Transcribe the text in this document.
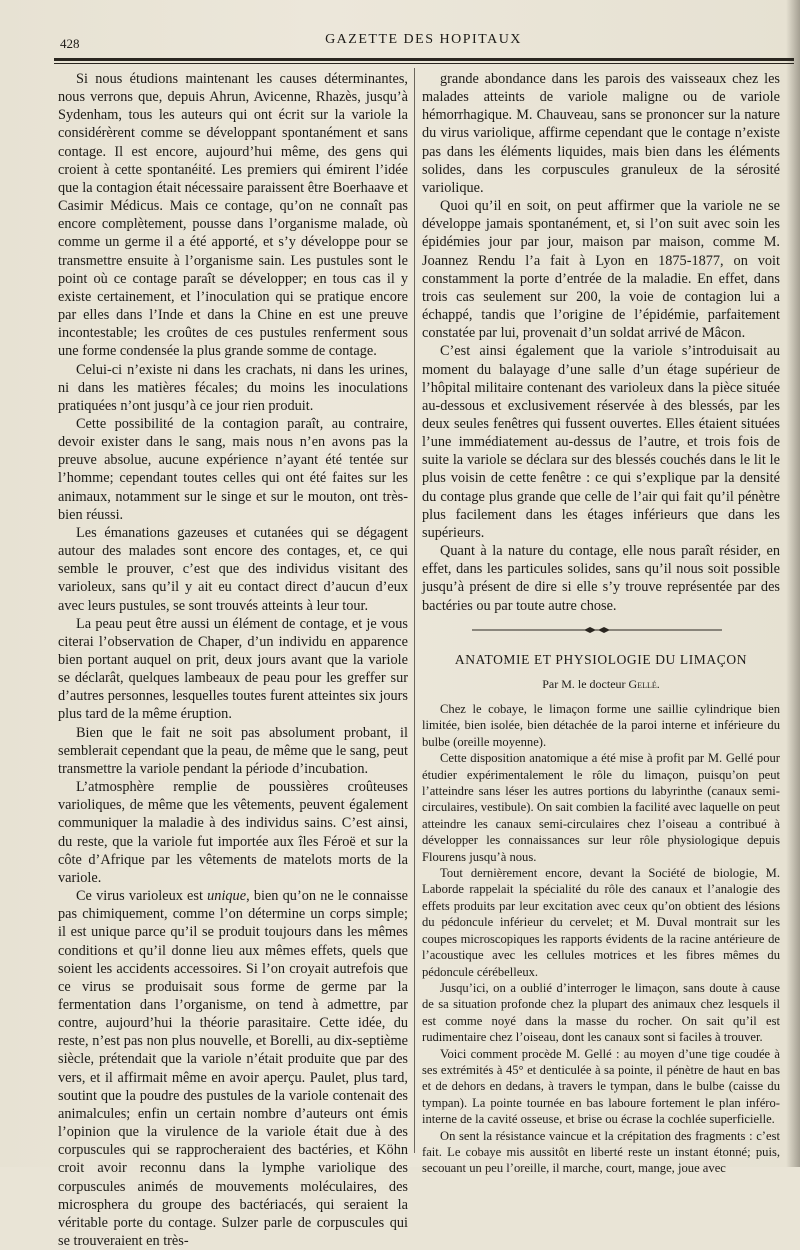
428	GAZETTE DES HOPITAUX

Si nous étudions maintenant les causes déterminantes, nous verrons que, depuis Ahrun, Avicenne, Rhazès, jusqu’à Sydenham, tous les auteurs qui ont écrit sur la variole la considérèrent comme se développant spontanément et sans contage. Il est encore, aujourd’hui même, des gens qui croient à cette spontanéité. Les premiers qui émirent l’idée que la contagion était nécessaire paraissent être Boerhaave et Casimir Médicus. Mais ce contage, qu’on ne connaît pas encore complètement, pousse dans l’organisme malade, où comme un germe il a été apporté, et s’y développe pour se transmettre ensuite à l’organisme sain. Les pustules sont le point où ce contage paraît se développer; en tous cas il y existe certainement, et l’inoculation qui se pratique encore par elles dans l’Inde et dans la Chine en est une preuve incontestable; les croûtes de ces pustules renferment sous une forme condensée la plus grande somme de contage.

Celui-ci n’existe ni dans les crachats, ni dans les urines, ni dans les matières fécales; du moins les inoculations pratiquées n’ont jusqu’à ce jour rien produit.

Cette possibilité de la contagion paraît, au contraire, devoir exister dans le sang, mais nous n’en avons pas la preuve absolue, aucune expérience n’ayant été tentée sur l’homme; cependant toutes celles qui ont été faites sur les animaux, notamment sur le singe et sur le mouton, ont très-bien réussi.

Les émanations gazeuses et cutanées qui se dégagent autour des malades sont encore des contages, et, ce qui semble le prouver, c’est que des individus visitant des varioleux, sans qu’il y ait eu contact direct d’aucun d’eux avec leurs pustules, se sont trouvés atteints à leur tour.

La peau peut être aussi un élément de contage, et je vous citerai l’observation de Chaper, d’un individu en apparence bien portant auquel on prit, deux jours avant que la variole se déclarât, quelques lambeaux de peau pour les greffer sur d’autres personnes, lesquelles toutes furent atteintes six jours plus tard de la même éruption.

Bien que le fait ne soit pas absolument probant, il semblerait cependant que la peau, de même que le sang, peut transmettre la variole pendant la période d’incubation.

L’atmosphère remplie de poussières croûteuses varioliques, de même que les vêtements, peuvent également communiquer la maladie à des individus sains. C’est ainsi, du reste, que la variole fut importée aux îles Féroë et sur la côte d’Afrique par les vêtements de matelots morts de la variole.

Ce virus varioleux est unique, bien qu’on ne le connaisse pas chimiquement, comme l’on détermine un corps simple; il est unique parce qu’il se produit toujours dans les mêmes conditions et qu’il donne lieu aux mêmes effets, quels que soient les accidents accessoires. Si l’on croyait autrefois que ce virus se produisait sous forme de germe par la fermentation dans l’organisme, on tend à admettre, par contre, aujourd’hui la théorie parasitaire. Cette idée, du reste, n’est pas non plus nouvelle, et Borelli, au dix-septième siècle, prétendait que la variole n’était produite que par des vers, et il affirmait même en avoir aperçu. Paulet, plus tard, soutint que la poudre des pustules de la variole contenait des animalcules; enfin un certain nombre d’auteurs ont émis l’opinion que la virulence de la variole était due à des corpuscules qui se rapprocheraient des bactéries, et Köhn croit avoir reconnu dans la lymphe variolique des corpuscules animés de mouvements moléculaires, des microsphera du groupe des bactériacés, qui seraient la véritable porte du contage. Sulzer parle de corpuscules qui se trouveraient en très-

grande abondance dans les parois des vaisseaux chez les malades atteints de variole maligne ou de variole hémorrhagique. M. Chauveau, sans se prononcer sur la nature du virus variolique, affirme cependant que le contage n’existe pas dans les éléments liquides, mais bien dans les éléments solides, dans les corpuscules granuleux de la sérosité variolique.

Quoi qu’il en soit, on peut affirmer que la variole ne se développe jamais spontanément, et, si l’on suit avec soin les épidémies jour par jour, maison par maison, comme M. Joannez Rendu l’a fait à Lyon en 1875-1877, on voit constamment la porte d’entrée de la maladie. En effet, dans trois cas seulement sur 200, la voie de contagion lui a échappé, tandis que l’origine de l’épidémie, parfaitement constatée par lui, provenait d’un soldat arrivé de Mâcon.

C’est ainsi également que la variole s’introduisait au moment du balayage d’une salle d’un étage supérieur de l’hôpital militaire contenant des varioleux dans la pièce située au-dessous et exclusivement réservée à des blessés, par les deux seules fenêtres qui fussent ouvertes. Elles étaient situées l’une immédiatement au-dessus de l’autre, et trois fois de suite la variole se déclara sur des blessés couchés dans le lit le plus voisin de cette fenêtre : ce qui s’explique par la densité du contage plus grande que celle de l’air qui fait qu’il pénètre plus facilement dans les étages inférieurs que dans les supérieurs.

Quant à la nature du contage, elle nous paraît résider, en effet, dans les particules solides, sans qu’il nous soit possible jusqu’à présent de dire si elle s’y trouve représentée par des bactéries ou par toute autre chose.

ANATOMIE ET PHYSIOLOGIE DU LIMAÇON
Par M. le docteur Gellé.

Chez le cobaye, le limaçon forme une saillie cylindrique bien limitée, bien isolée, bien détachée de la paroi interne et inférieure du bulbe (oreille moyenne).

Cette disposition anatomique a été mise à profit par M. Gellé pour étudier expérimentalement le rôle du limaçon, puisqu’on peut l’atteindre sans léser les autres portions du labyrinthe (canaux semi-circulaires, vestibule). On sait combien la facilité avec laquelle on peut atteindre les canaux semi-circulaires chez l’oiseau a contribué à développer les connaissances sur leur rôle physiologique depuis Flourens jusqu’à nous.

Tout dernièrement encore, devant la Société de biologie, M. Laborde rappelait la spécialité du rôle des canaux et l’analogie des effets produits par leur excitation avec ceux qu’on obtient des lésions du pédoncule inférieur du cervelet; et M. Duval montrait sur les coupes microscopiques les rapports évidents de la racine antérieure de l’acoustique avec les cellules motrices et les fibres mêmes du pédoncule cérébelleux.

Jusqu’ici, on a oublié d’interroger le limaçon, sans doute à cause de sa situation profonde chez la plupart des animaux chez lesquels il est comme noyé dans la masse du rocher. On sait qu’il est rudimentaire chez l’oiseau, dont les canaux sont si faciles à trouver.

Voici comment procède M. Gellé : au moyen d’une tige coudée à ses extrémités à 45° et denticulée à sa pointe, il pénètre de haut en bas et de dehors en dedans, à travers le tympan, dans le bulbe (caisse du tympan). La pointe tournée en bas laboure fortement le plan inféro-interne de la cavité osseuse, et brise ou écrase la cochlée superficielle.

On sent la résistance vaincue et la crépitation des fragments : c’est fait. Le cobaye mis aussitôt en liberté reste un instant étonné; puis, secouant un peu l’oreille, il marche, court, mange, joue avec
